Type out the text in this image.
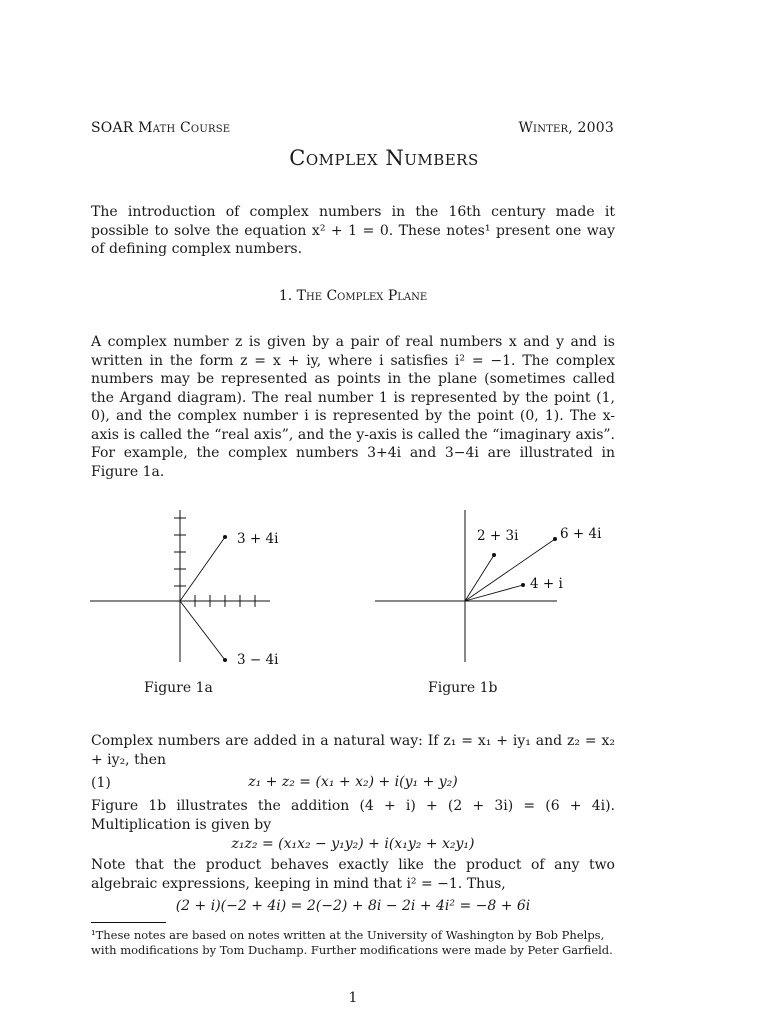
SOAR Math Course	Winter, 2003
Complex Numbers
The introduction of complex numbers in the 16th century made it possible to solve the equation x² + 1 = 0. These notes¹ present one way of defining complex numbers.
1. The Complex Plane
A complex number z is given by a pair of real numbers x and y and is written in the form z = x + iy, where i satisfies i² = −1. The complex numbers may be represented as points in the plane (sometimes called the Argand diagram). The real number 1 is represented by the point (1, 0), and the complex number i is represented by the point (0, 1). The x-axis is called the “real axis”, and the y-axis is called the “imaginary axis”. For example, the complex numbers 3+4i and 3−4i are illustrated in Figure 1a.
3 + 4i
3 − 4i
Figure 1a
2 + 3i	6 + 4i
4 + i
Figure 1b
Complex numbers are added in a natural way: If z₁ = x₁ + iy₁ and z₂ = x₂ + iy₂, then
(1)	z₁ + z₂ = (x₁ + x₂) + i(y₁ + y₂)
Figure 1b illustrates the addition (4 + i) + (2 + 3i) = (6 + 4i). Multiplication is given by
z₁z₂ = (x₁x₂ − y₁y₂) + i(x₁y₂ + x₂y₁)
Note that the product behaves exactly like the product of any two algebraic expressions, keeping in mind that i² = −1. Thus,
(2 + i)(−2 + 4i) = 2(−2) + 8i − 2i + 4i² = −8 + 6i
¹These notes are based on notes written at the University of Washington by Bob Phelps, with modifications by Tom Duchamp. Further modifications were made by Peter Garfield.
1
